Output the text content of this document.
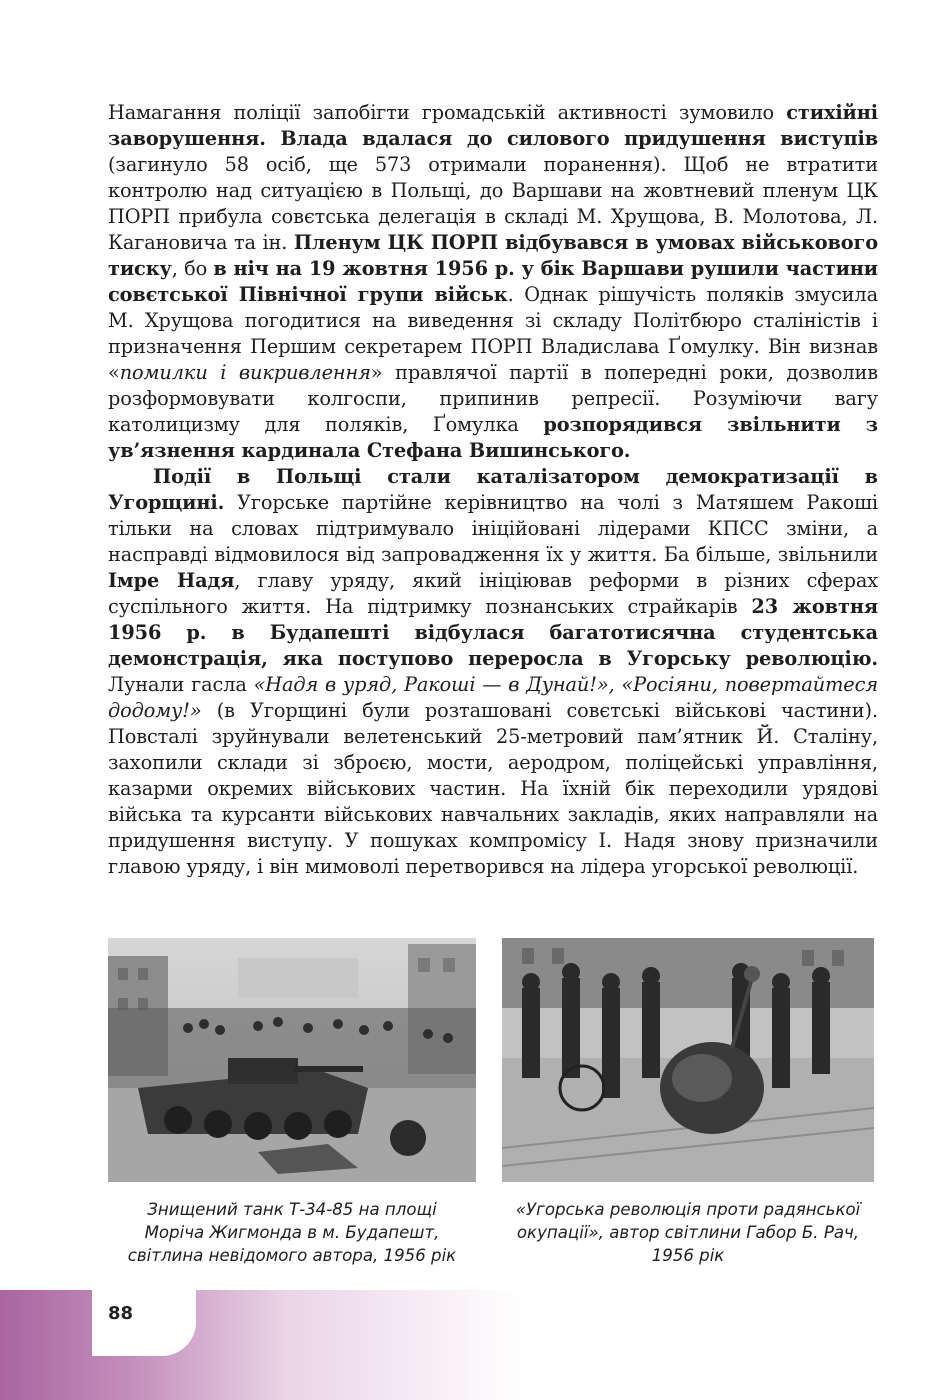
Намагання поліції запобігти громадській активності зумовило стихійні заворушення. Влада вдалася до силового придушення виступів (загинуло 58 осіб, ще 573 отримали поранення). Щоб не втратити контролю над ситуацією в Польщі, до Варшави на жовтневий пленум ЦК ПОРП прибула совєтська делегація в складі М. Хрущова, В. Молотова, Л. Кагановича та ін. Пленум ЦК ПОРП відбувався в умовах військового тиску, бо в ніч на 19 жовтня 1956 р. у бік Варшави рушили частини совєтської Північної групи військ. Однак рішучість поляків змусила М. Хрущова погодитися на виведення зі складу Політбюро сталіністів і призначення Першим секретарем ПОРП Владислава Ґомулку. Він визнав «помилки і викривлення» правлячої партії в попередні роки, дозволив розформовувати колгоспи, припинив репресії. Розуміючи вагу католицизму для поляків, Ґомулка розпорядився звільнити з ув’язнення кардинала Стефана Вишинського.

Події в Польщі стали каталізатором демократизації в Угорщині. Угорське партійне керівництво на чолі з Матяшем Ракоші тільки на словах підтримувало ініційовані лідерами КПСС зміни, а насправді відмовилося від запровадження їх у життя. Ба більше, звільнили Імре Надя, главу уряду, який ініціював реформи в різних сферах суспільного життя. На підтримку познанських страйкарів 23 жовтня 1956 р. в Будапешті відбулася багатотисячна студентська демонстрація, яка поступово переросла в Угорську революцію. Лунали гасла «Надя в уряд, Ракоші — в Дунай!», «Росіяни, повертайтеся додому!» (в Угорщині були розташовані совєтські військові частини). Повсталі зруйнували велетенський 25-метровий пам’ятник Й. Сталіну, захопили склади зі зброєю, мости, аеродром, поліцейські управління, казарми окремих військових частин. На їхній бік переходили урядові війська та курсанти військових навчальних закладів, яких направляли на придушення виступу. У пошуках компромісу І. Надя знову призначили главою уряду, і він мимоволі перетворився на лідера угорської революції.

Знищений танк Т-34-85 на площі
Моріча Жигмонда в м. Будапешт,
світлина невідомого автора, 1956 рік
«Угорська революція проти радянської
окупації», автор світлини Габор Б. Рач,
1956 рік
88
